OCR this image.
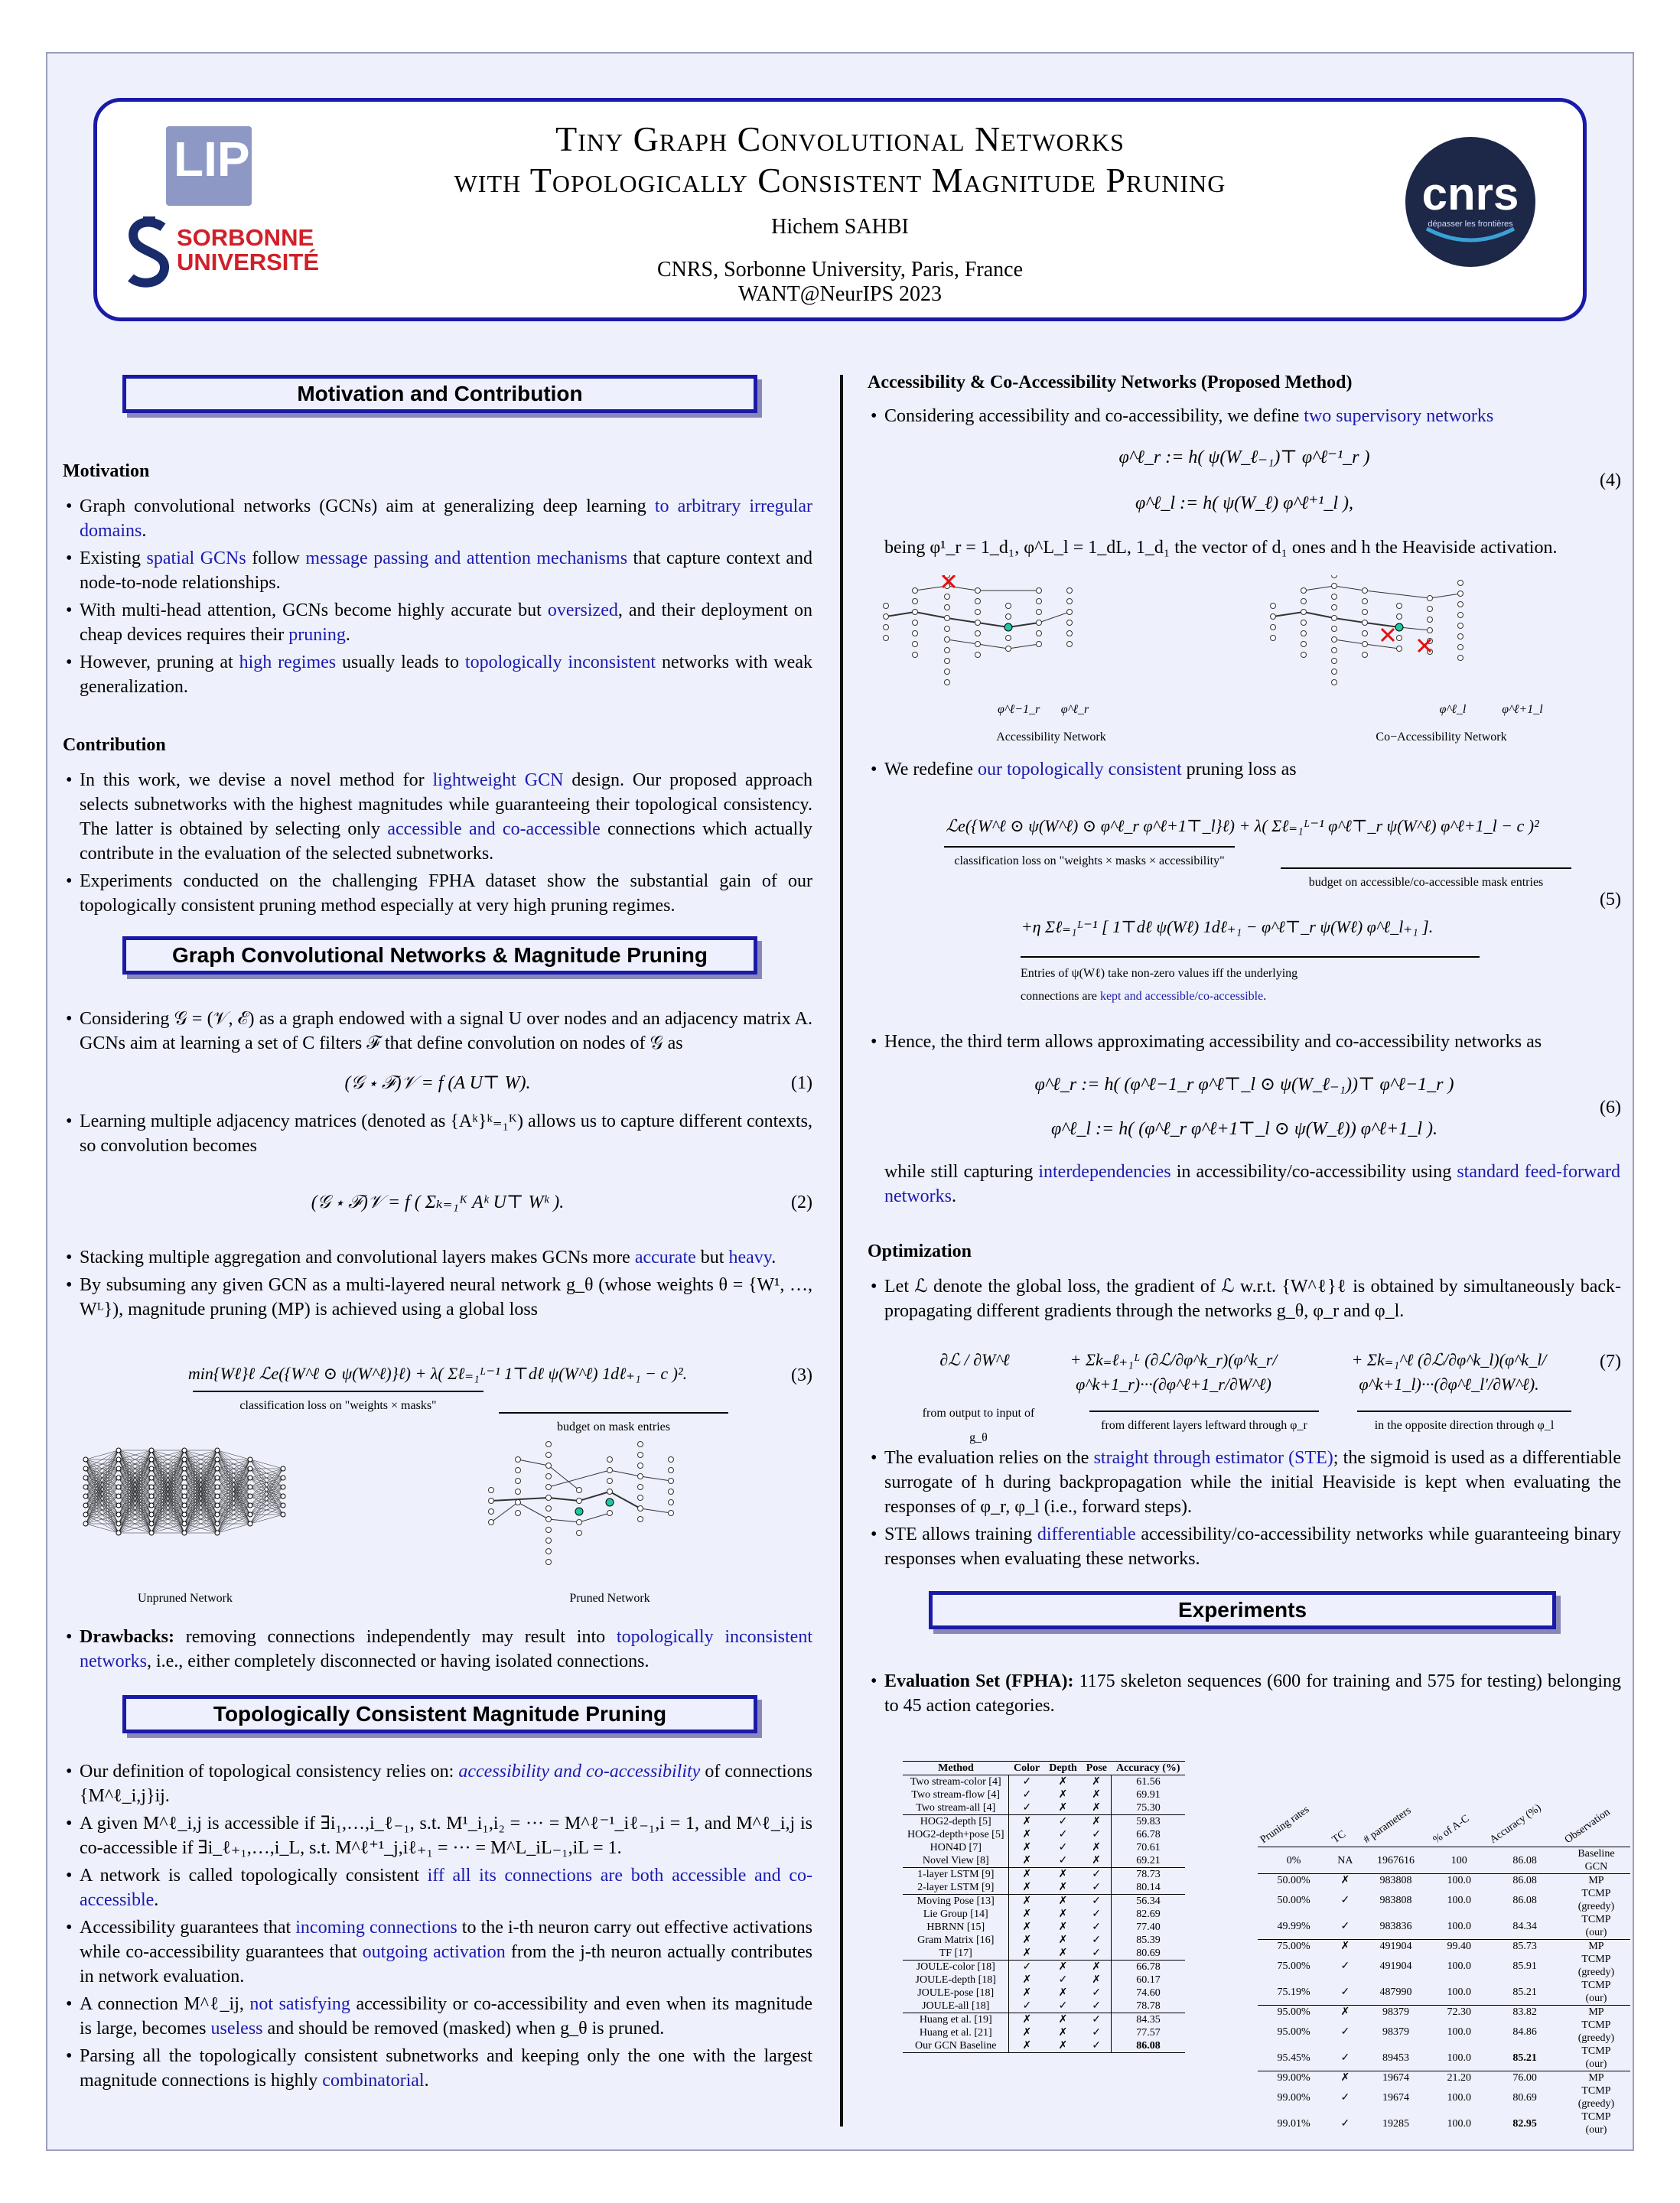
LIP6
SORBONNE
UNIVERSITÉ
Tiny Graph Convolutional Networks
with Topologically Consistent Magnitude Pruning
Hichem SAHBI
CNRS, Sorbonne University, Paris, France
WANT@NeurIPS 2023
cnrs
dépasser les frontières
Motivation and Contribution
Motivation
• Graph convolutional networks (GCNs) aim at generalizing deep learning to arbitrary irregular domains.
• Existing spatial GCNs follow message passing and attention mechanisms that capture context and node-to-node relationships.
• With multi-head attention, GCNs become highly accurate but oversized, and their deployment on cheap devices requires their pruning.
• However, pruning at high regimes usually leads to topologically inconsistent networks with weak generalization.
Contribution
• In this work, we devise a novel method for lightweight GCN design. Our proposed approach selects subnetworks with the highest magnitudes while guaranteeing their topological consistency. The latter is obtained by selecting only accessible and co-accessible connections which actually contribute in the evaluation of the selected subnetworks.
• Experiments conducted on the challenging FPHA dataset show the substantial gain of our topologically consistent pruning method especially at very high pruning regimes.
Graph Convolutional Networks & Magnitude Pruning
• Considering 𝒢 = (𝒱, ℰ) as a graph endowed with a signal U over nodes and an adjacency matrix A. GCNs aim at learning a set of C filters ℱ that define convolution on nodes of 𝒢 as
(𝒢 ⋆ ℱ)𝒱 = f (A U⊤ W).	(1)
• Learning multiple adjacency matrices (denoted as {Aᵏ}ᵏ₌₁ᴷ) allows us to capture different contexts, so convolution becomes
(𝒢 ⋆ ℱ)𝒱 = f ( Σₖ₌₁ᴷ Aᵏ U⊤ Wᵏ ).	(2)
• Stacking multiple aggregation and convolutional layers makes GCNs more accurate but heavy.
• By subsuming any given GCN as a multi-layered neural network g_θ (whose weights θ = {W¹, …, Wᴸ}), magnitude pruning (MP) is achieved using a global loss
min{Wℓ}ℓ ℒe({W^ℓ ⊙ ψ(W^ℓ)}ℓ) + λ( Σℓ₌₁ᴸ⁻¹ 1⊤dℓ ψ(W^ℓ) 1dℓ₊₁ − c )².
classification loss on "weights × masks"
budget on mask entries
(3)
Unpruned Network	Pruned Network
• Drawbacks: removing connections independently may result into topologically inconsistent networks, i.e., either completely disconnected or having isolated connections.
Topologically Consistent Magnitude Pruning
• Our definition of topological consistency relies on: accessibility and co-accessibility of connections {M^ℓ_i,j}ij.
• A given M^ℓ_i,j is accessible if ∃i₁,…,i_ℓ₋₁, s.t. M¹_i₁,i₂ = ··· = M^ℓ⁻¹_iℓ₋₁,i = 1, and M^ℓ_i,j is co-accessible if ∃i_ℓ₊₁,…,i_L, s.t. M^ℓ⁺¹_j,iℓ₊₁ = ··· = M^L_iL₋₁,iL = 1.
• A network is called topologically consistent iff all its connections are both accessible and co-accessible.
• Accessibility guarantees that incoming connections to the i-th neuron carry out effective activations while co-accessibility guarantees that outgoing activation from the j-th neuron actually contributes in network evaluation.
• A connection M^ℓ_ij, not satisfying accessibility or co-accessibility and even when its magnitude is large, becomes useless and should be removed (masked) when g_θ is pruned.
• Parsing all the topologically consistent subnetworks and keeping only the one with the largest magnitude connections is highly combinatorial.
Accessibility & Co-Accessibility Networks (Proposed Method)
• Considering accessibility and co-accessibility, we define two supervisory networks
φ^ℓ_r := h( ψ(W_ℓ₋₁)⊤ φ^ℓ⁻¹_r )
φ^ℓ_l := h( ψ(W_ℓ) φ^ℓ⁺¹_l ),
(4)
being φ¹_r = 1_d₁, φ^L_l = 1_dL, 1_d₁ the vector of d₁ ones and h the Heaviside activation.
φ^ℓ−1_r	φ^ℓ_r
Accessibility Network
φ^ℓ_l	φ^ℓ+1_l
Co−Accessibility Network
• We redefine our topologically consistent pruning loss as
ℒe({W^ℓ ⊙ ψ(W^ℓ) ⊙ φ^ℓ_r φ^ℓ+1⊤_l}ℓ) + λ( Σℓ₌₁ᴸ⁻¹ φ^ℓ⊤_r ψ(W^ℓ) φ^ℓ+1_l − c )²
classification loss on "weights × masks × accessibility"
budget on accessible/co-accessible mask entries
+η Σℓ₌₁ᴸ⁻¹ [ 1⊤dℓ ψ(Wℓ) 1dℓ₊₁ − φ^ℓ⊤_r ψ(Wℓ) φ^ℓ_l₊₁ ].
(5)
Entries of ψ(Wℓ) take non-zero values iff the underlying
connections are kept and accessible/co-accessible.
• Hence, the third term allows approximating accessibility and co-accessibility networks as
φ^ℓ_r := h( (φ^ℓ−1_r φ^ℓ⊤_l ⊙ ψ(W_ℓ₋₁))⊤ φ^ℓ−1_r )
φ^ℓ_l := h( (φ^ℓ_r φ^ℓ+1⊤_l ⊙ ψ(W_ℓ)) φ^ℓ+1_l ).
(6)
while still capturing interdependencies in accessibility/co-accessibility using standard feed-forward networks.
Optimization
• Let ℒ denote the global loss, the gradient of ℒ w.r.t. {W^ℓ}ℓ is obtained by simultaneously back-propagating different gradients through the networks g_θ, φ_r and φ_l.
∂ℒ / ∂W^ℓ	+ Σk₌ℓ₊₁ᴸ (∂ℒ/∂φ^k_r)(φ^k_r/φ^k+1_r)···(∂φ^ℓ+1_r/∂W^ℓ)
+ Σk₌₁^ℓ (∂ℒ/∂φ^k_l)(φ^k_l/φ^k+1_l)···(∂φ^ℓ_l′/∂W^ℓ).
(7)
from output to input of g_θ
from different layers leftward through φ_r	in the opposite direction through φ_l
• The evaluation relies on the straight through estimator (STE); the sigmoid is used as a differentiable surrogate of h during backpropagation while the initial Heaviside is kept when evaluating the responses of φ_r, φ_l (i.e., forward steps).
• STE allows training differentiable accessibility/co-accessibility networks while guaranteeing binary responses when evaluating these networks.
Experiments
• Evaluation Set (FPHA): 1175 skeleton sequences (600 for training and 575 for testing) belonging to 45 action categories.
Method	Color	Depth	Pose	Accuracy (%)
Two stream-color [4]	✓	✗	✗	61.56
Two stream-flow [4]	✓	✗	✗	69.91
Two stream-all [4]	✓	✗	✗	75.30
HOG2-depth [5]	✗	✓	✗	59.83
HOG2-depth+pose [5]	✗	✓	✓	66.78
HON4D [7]	✗	✓	✗	70.61
Novel View [8]	✗	✓	✗	69.21
1-layer LSTM [9]	✗	✗	✓	78.73
2-layer LSTM [9]	✗	✗	✓	80.14
Moving Pose [13]	✗	✗	✓	56.34
Lie Group [14]	✗	✗	✓	82.69
HBRNN [15]	✗	✗	✓	77.40
Gram Matrix [16]	✗	✗	✓	85.39
TF [17]	✗	✗	✓	80.69
JOULE-color [18]	✓	✗	✗	66.78
JOULE-depth [18]	✗	✓	✗	60.17
JOULE-pose [18]	✗	✗	✓	74.60
JOULE-all [18]	✓	✓	✓	78.78
Huang et al. [19]	✗	✗	✓	84.35
Huang et al. [21]	✗	✗	✓	77.57
Our GCN Baseline	✗	✗	✓	86.08
Pruning rates	TC	# parameters	% of A-C	Accuracy (%)	Observation
0%	NA	1967616	100	86.08	Baseline GCN
50.00%	✗	983808	100.0	86.08	MP
50.00%	✓	983808	100.0	86.08	TCMP (greedy)
49.99%	✓	983836	100.0	84.34	TCMP (our)
75.00%	✗	491904	99.40	85.73	MP
75.00%	✓	491904	100.0	85.91	TCMP (greedy)
75.19%	✓	487990	100.0	85.21	TCMP (our)
95.00%	✗	98379	72.30	83.82	MP
95.00%	✓	98379	100.0	84.86	TCMP (greedy)
95.45%	✓	89453	100.0	85.21	TCMP (our)
99.00%	✗	19674	21.20	76.00	MP
99.00%	✓	19674	100.0	80.69	TCMP (greedy)
99.01%	✓	19285	100.0	82.95	TCMP (our)
